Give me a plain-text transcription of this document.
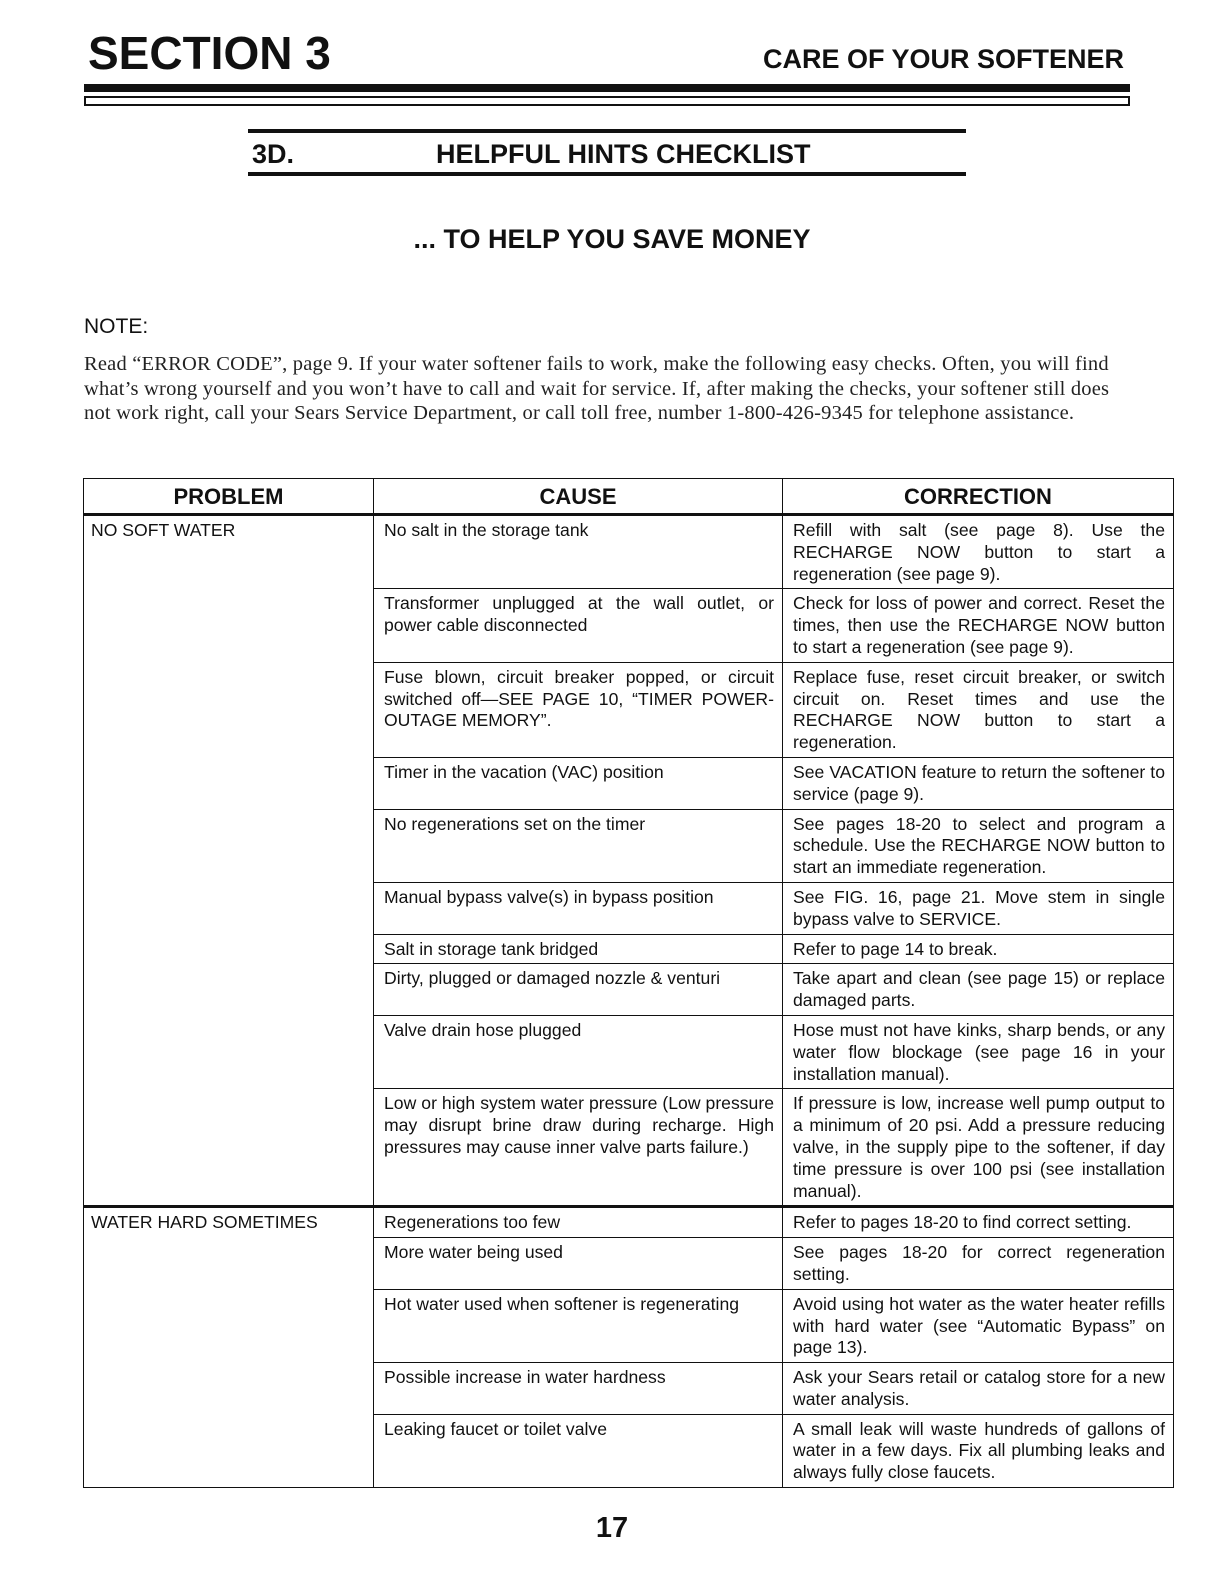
SECTION 3	CARE OF YOUR SOFTENER
3D.	HELPFUL HINTS CHECKLIST
... TO HELP YOU SAVE MONEY
NOTE:
Read “ERROR CODE”, page 9. If your water softener fails to work, make the following easy checks. Often, you will find what’s wrong yourself and you won’t have to call and wait for service. If, after making the checks, your softener still does not work right, call your Sears Service Department, or call toll free, number 1-800-426-9345 for telephone assistance.
PROBLEM	CAUSE	CORRECTION
NO SOFT WATER	No salt in the storage tank	Refill with salt (see page 8). Use the RECHARGE NOW button to start a regeneration (see page 9).
	Transformer unplugged at the wall outlet, or power cable disconnected	Check for loss of power and correct. Reset the times, then use the RECHARGE NOW button to start a regeneration (see page 9).
	Fuse blown, circuit breaker popped, or circuit switched off—SEE PAGE 10, “TIMER POWER-OUTAGE MEMORY”.	Replace fuse, reset circuit breaker, or switch circuit on. Reset times and use the RECHARGE NOW button to start a regeneration.
	Timer in the vacation (VAC) position	See VACATION feature to return the softener to service (page 9).
	No regenerations set on the timer	See pages 18-20 to select and program a schedule. Use the RECHARGE NOW button to start an immediate regeneration.
	Manual bypass valve(s) in bypass position	See FIG. 16, page 21. Move stem in single bypass valve to SERVICE.
	Salt in storage tank bridged	Refer to page 14 to break.
	Dirty, plugged or damaged nozzle & venturi	Take apart and clean (see page 15) or replace damaged parts.
	Valve drain hose plugged	Hose must not have kinks, sharp bends, or any water flow blockage (see page 16 in your installation manual).
	Low or high system water pressure (Low pressure may disrupt brine draw during recharge. High pressures may cause inner valve parts failure.)	If pressure is low, increase well pump output to a minimum of 20 psi. Add a pressure reducing valve, in the supply pipe to the softener, if day time pressure is over 100 psi (see installation manual).
WATER HARD SOMETIMES	Regenerations too few	Refer to pages 18-20 to find correct setting.
	More water being used	See pages 18-20 for correct regeneration setting.
	Hot water used when softener is regenerating	Avoid using hot water as the water heater refills with hard water (see “Automatic Bypass” on page 13).
	Possible increase in water hardness	Ask your Sears retail or catalog store for a new water analysis.
	Leaking faucet or toilet valve	A small leak will waste hundreds of gallons of water in a few days. Fix all plumbing leaks and always fully close faucets.
17
